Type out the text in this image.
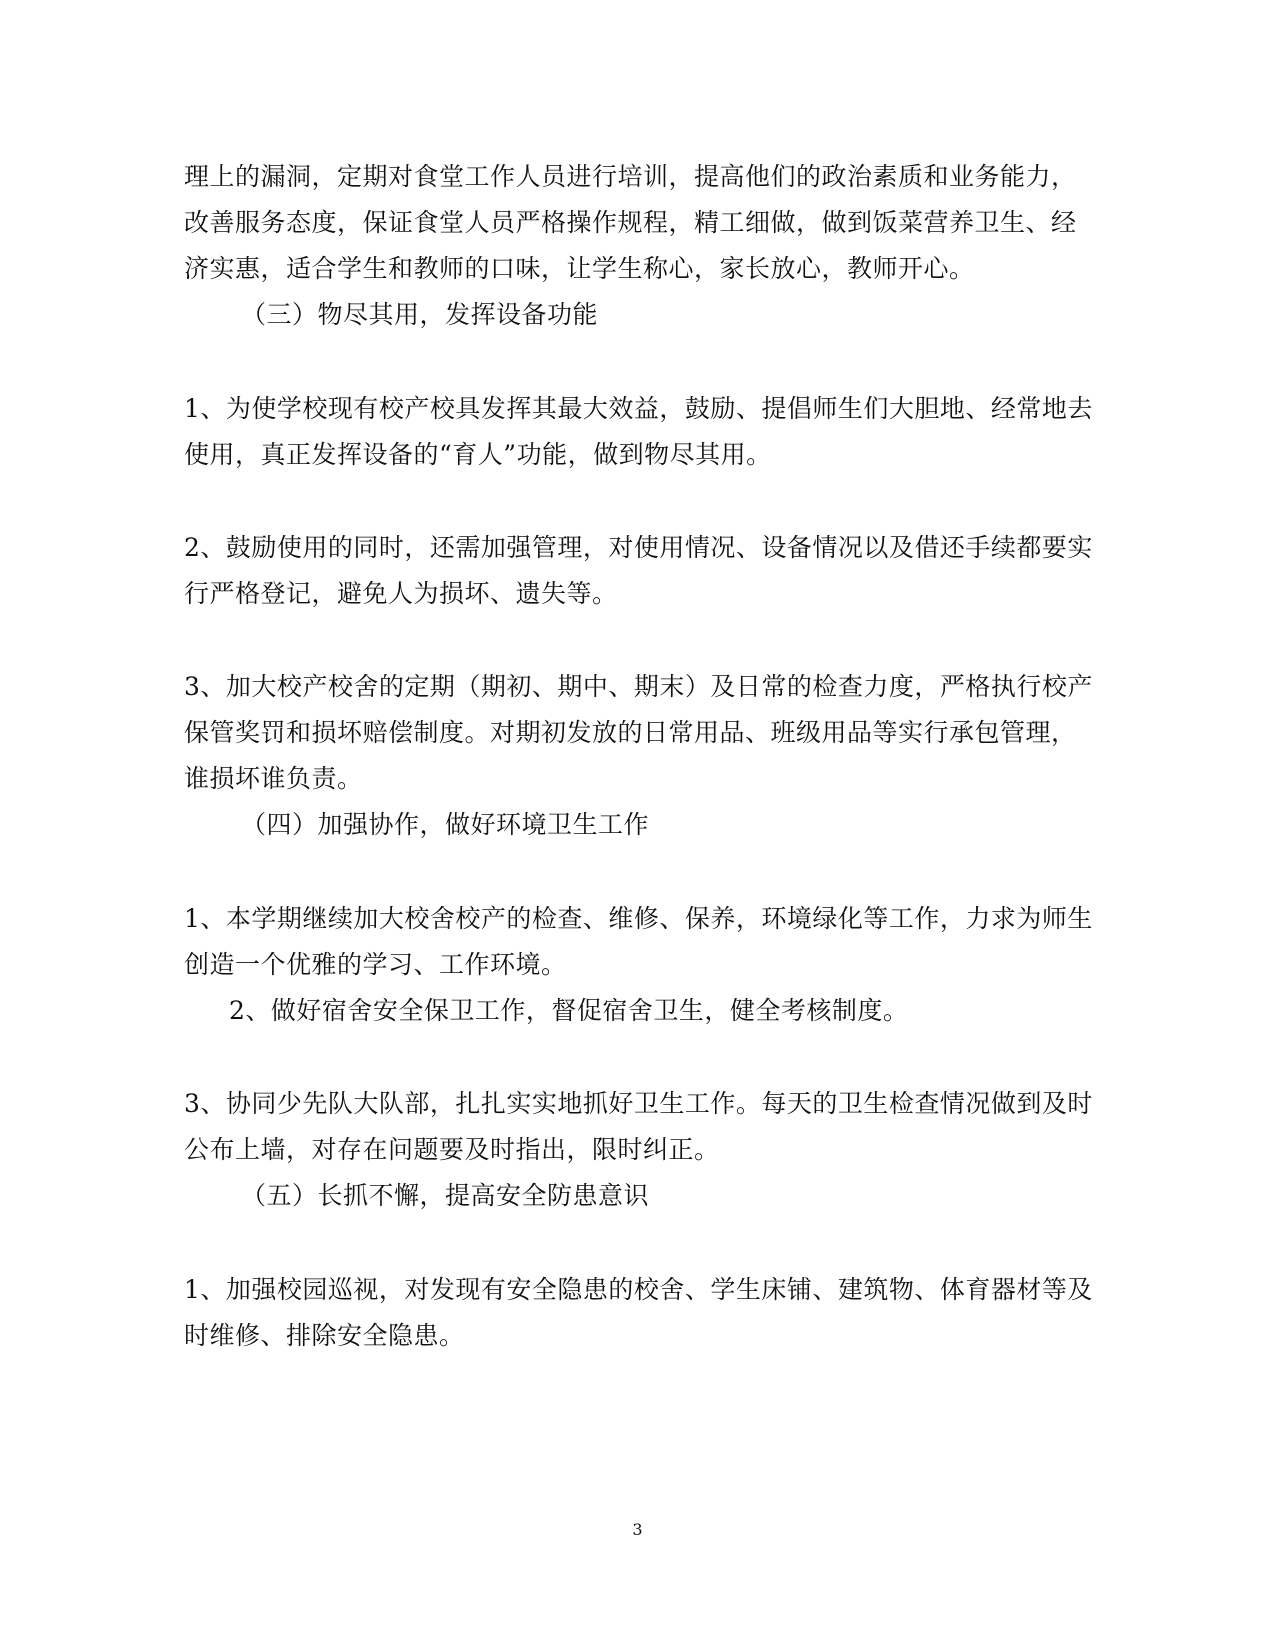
理上的漏洞，定期对食堂工作人员进行培训，提高他们的政治素质和业务能力，
改善服务态度，保证食堂人员严格操作规程，精工细做，做到饭菜营养卫生、经
济实惠，适合学生和教师的口味，让学生称心，家长放心，教师开心。
（三）物尽其用，发挥设备功能
1、为使学校现有校产校具发挥其最大效益，鼓励、提倡师生们大胆地、经常地去
使用，真正发挥设备的“育人”功能，做到物尽其用。
2、鼓励使用的同时，还需加强管理，对使用情况、设备情况以及借还手续都要实
行严格登记，避免人为损坏、遗失等。
3、加大校产校舍的定期（期初、期中、期末）及日常的检查力度，严格执行校产
保管奖罚和损坏赔偿制度。对期初发放的日常用品、班级用品等实行承包管理，
谁损坏谁负责。
（四）加强协作，做好环境卫生工作
1、本学期继续加大校舍校产的检查、维修、保养，环境绿化等工作，力求为师生
创造一个优雅的学习、工作环境。
2、做好宿舍安全保卫工作，督促宿舍卫生，健全考核制度。
3、协同少先队大队部，扎扎实实地抓好卫生工作。每天的卫生检查情况做到及时
公布上墙，对存在问题要及时指出，限时纠正。
（五）长抓不懈，提高安全防患意识
1、加强校园巡视，对发现有安全隐患的校舍、学生床铺、建筑物、体育器材等及
时维修、排除安全隐患。
3
